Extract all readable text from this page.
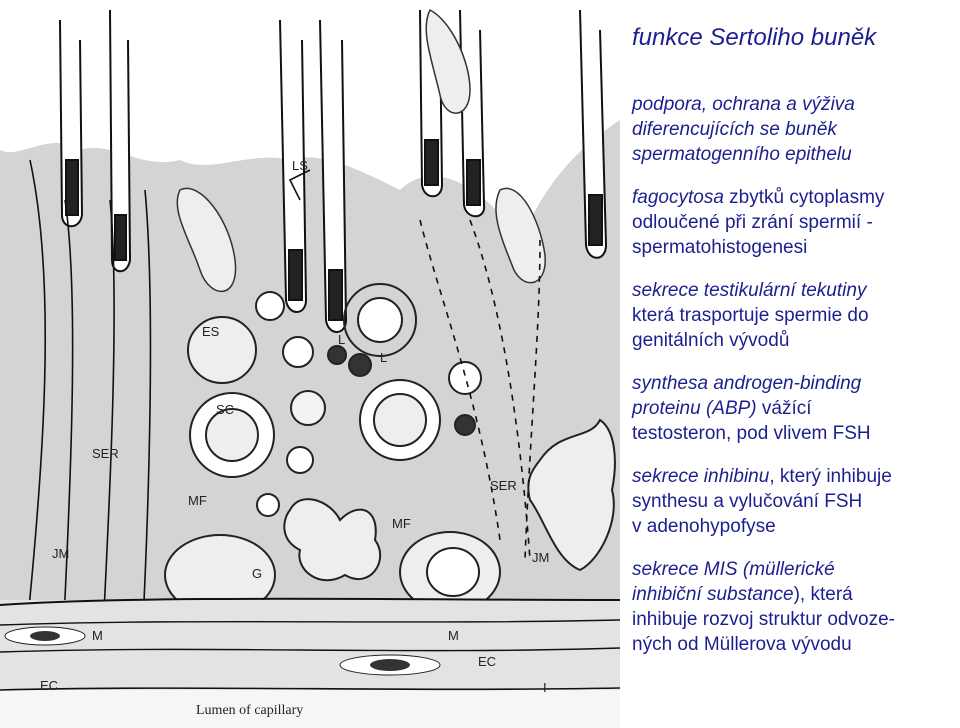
LS
ES
SC
L
L
SER
SER
MF
MF
JM	JM
G
M	M
EC
EC
I
Lumen of capillary
funkce Sertoliho buněk
podpora, ochrana a výživa
diferencujících se buněk
spermatogenního epithelu
fagocytosa zbytků cytoplasmy
odloučené při zrání spermií -
spermatohistogenesi
sekrece testikulární tekutiny
která trasportuje spermie do
genitálních vývodů
synthesa androgen-binding
proteinu (ABP) vážící
testosteron, pod vlivem FSH
sekrece inhibinu, který inhibuje
synthesu a vylučování FSH
v adenohypofyse
sekrece MIS (müllerické
inhibiční substance), která
inhibuje rozvoj struktur odvoze-
ných od Müllerova vývodu
